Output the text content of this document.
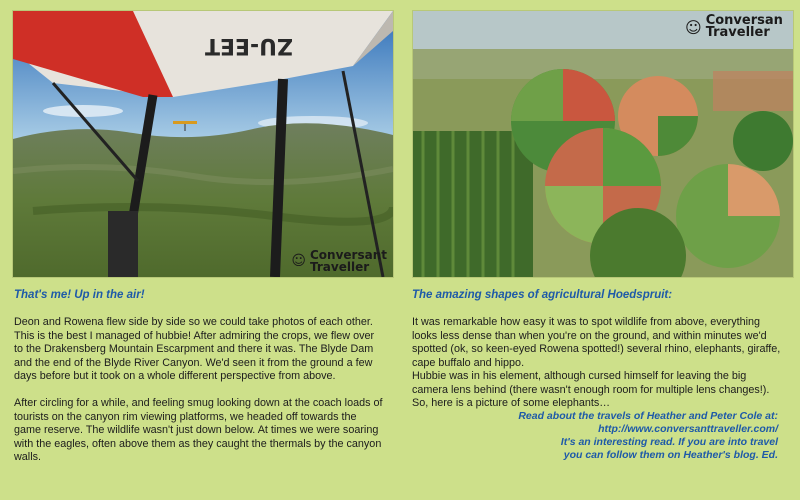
ZU-EET
☺ Conversant
Traveller
That's me! Up in the air!

Deon and Rowena flew side by side so we could take photos of each other. This is the best I managed of hubbie! After admiring the crops, we flew over to the Drakensberg Mountain Escarpment and there it was. The Blyde Dam and the end of the Blyde River Canyon. We'd seen it from the ground a few days before but it took on a whole different perspective from above.

After circling for a while, and feeling smug looking down at the coach loads of tourists on the canyon rim viewing platforms, we headed off towards the game reserve. The wildlife wasn't just down below. At times we were soaring with the eagles, often above them as they caught the thermals by the canyon walls.

☺ Conversan
Traveller
The amazing shapes of agricultural Hoedspruit:

It was remarkable how easy it was to spot wildlife from above, everything looks less dense than when you're on the ground, and within minutes we'd spotted (ok, so keen-eyed Rowena spotted!) several rhino, elephants, giraffe, cape buffalo and hippo.

Hubbie was in his element, although cursed himself for leaving the big camera lens behind (there wasn't enough room for multiple lens changes!). So, here is a picture of some elephants…

Read about the travels of Heather and Peter Cole at:
http://www.conversanttraveller.com/
It's an interesting read. If you are into travel
you can follow them on Heather's blog. Ed.
